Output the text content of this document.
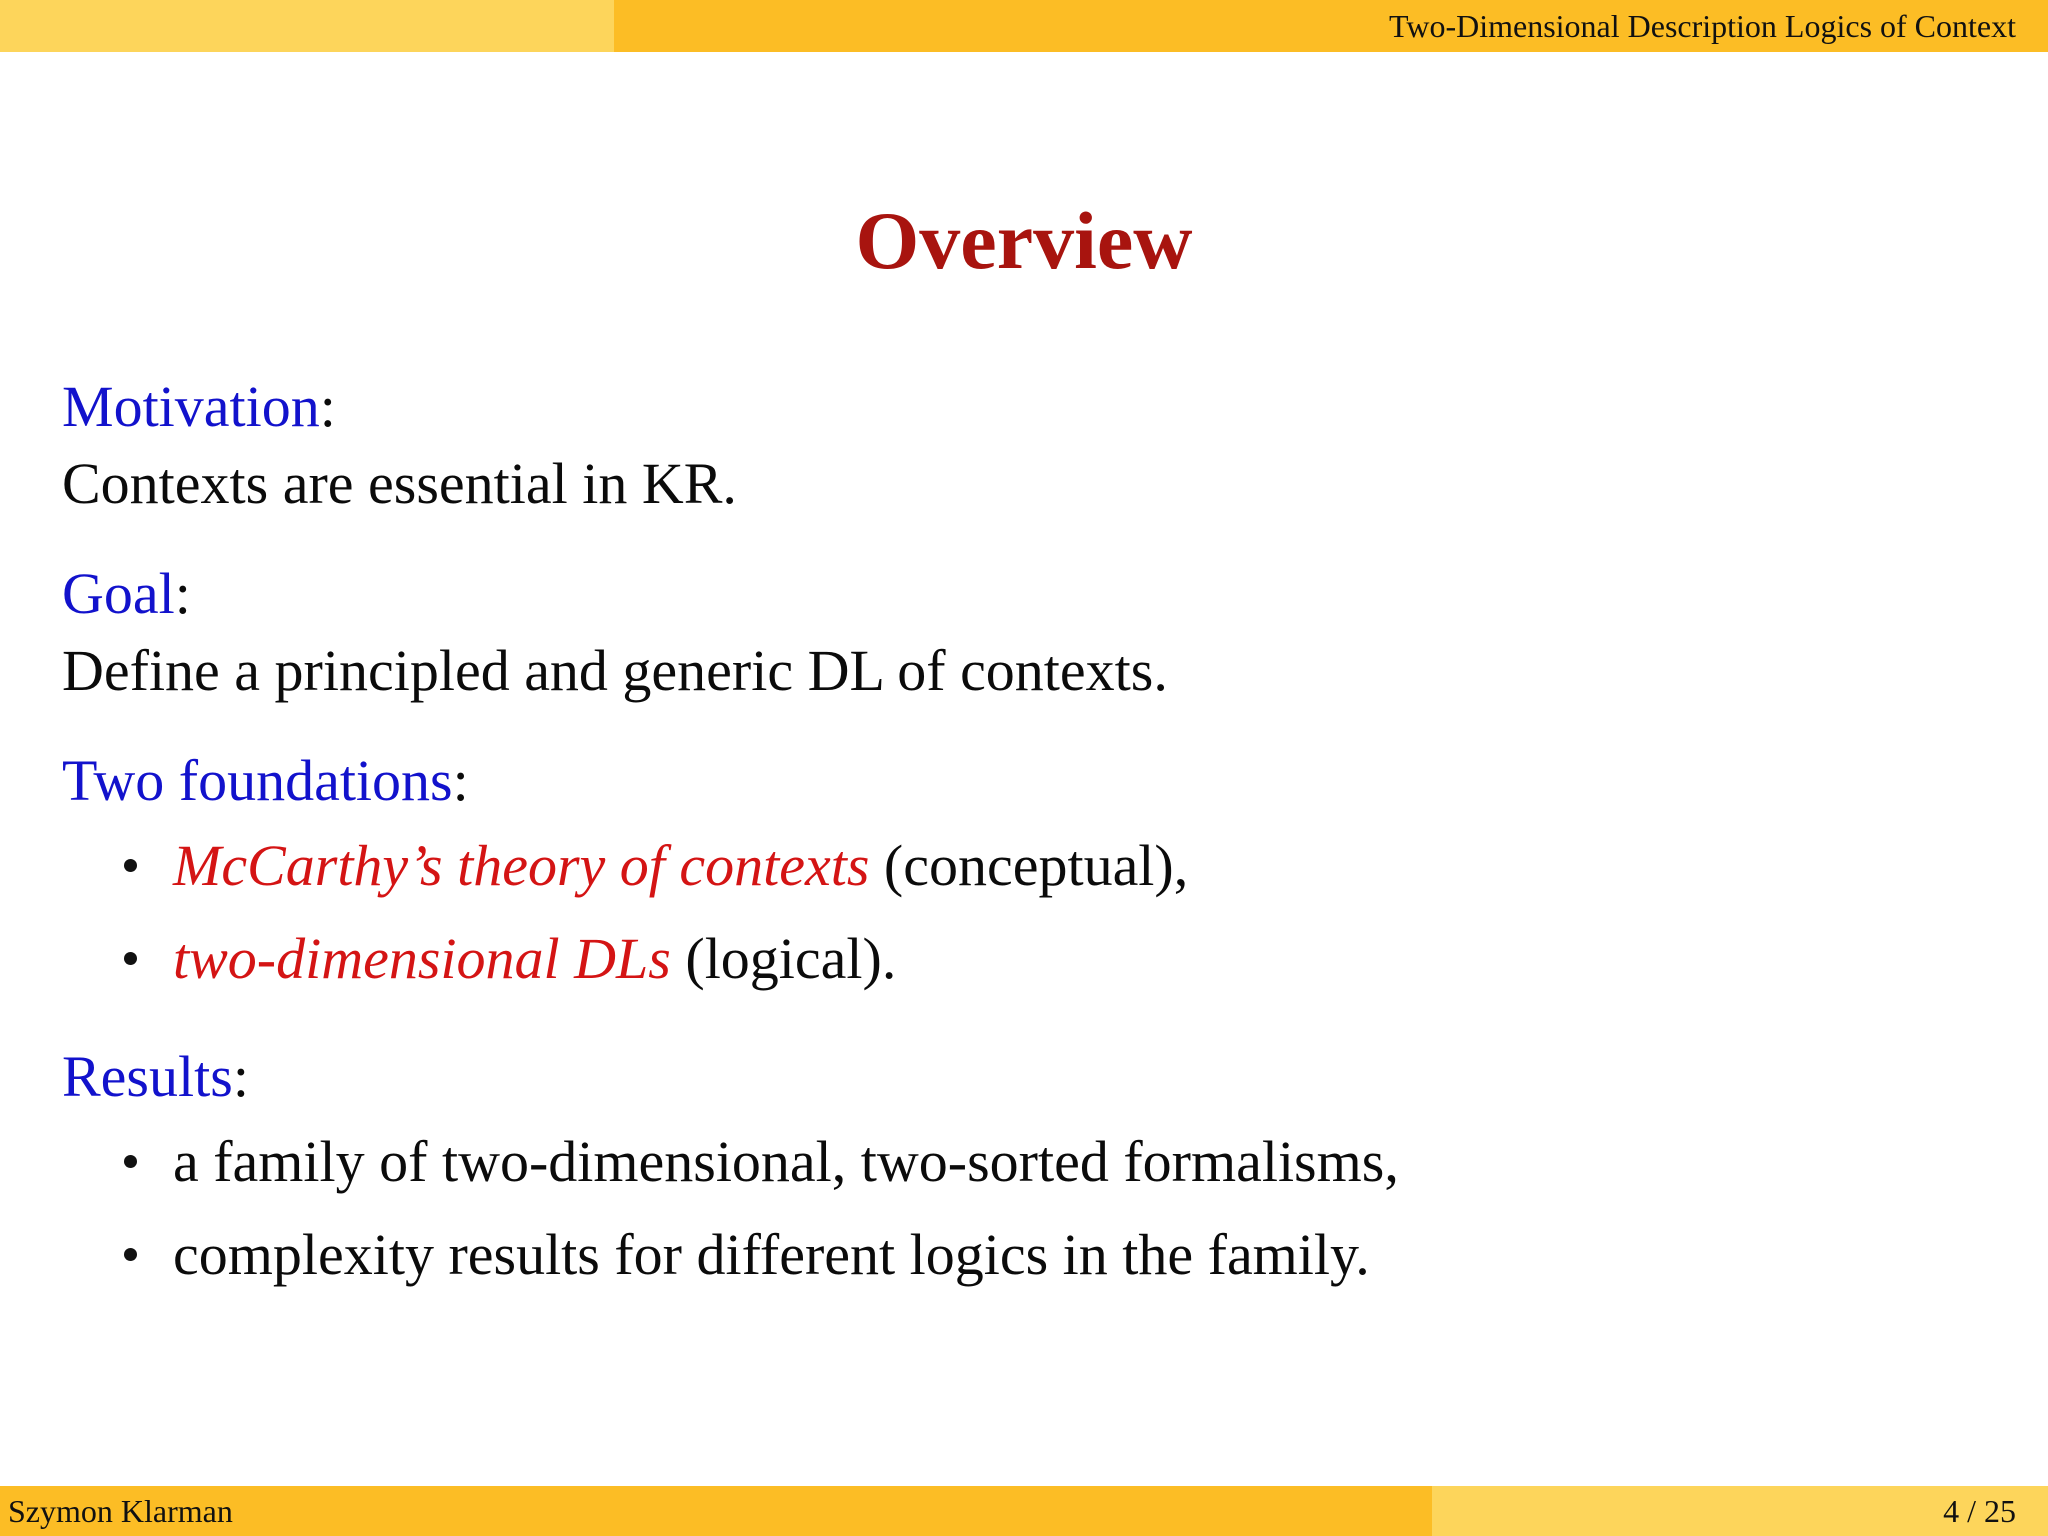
Two-Dimensional Description Logics of Context
Overview
Motivation :
Contexts are essential in KR.
Goal :
Define a principled and generic DL of contexts.
Two foundations :
McCarthy’s theory of contexts (conceptual),
two-dimensional DLs (logical).
Results :
a family of two-dimensional, two-sorted formalisms,
complexity results for different logics in the family.
Szymon Klarman	4 / 25
